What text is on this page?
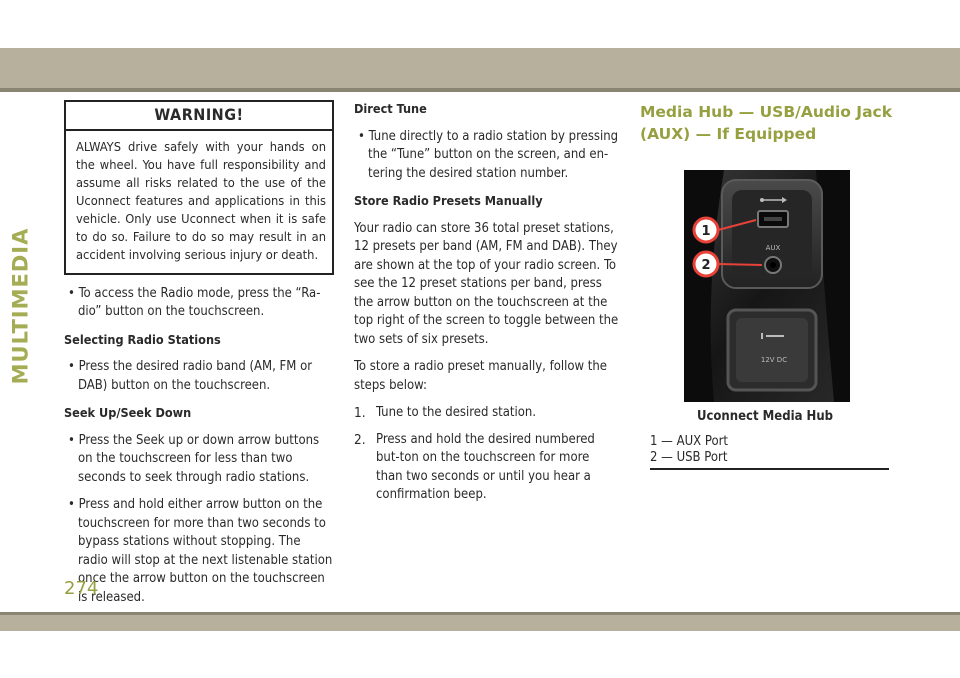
MULTIMEDIA
WARNING!
ALWAYS drive safely with your hands on the wheel. You have full responsibility and assume all risks related to the use of the Uconnect features and applications in this vehicle. Only use Uconnect when it is safe to do so. Failure to do so may result in an accident involving serious injury or death.

• To access the Radio mode, press the “Ra-dio” button on the touchscreen.

Selecting Radio Stations

• Press the desired radio band (AM, FM or DAB) button on the touchscreen.

Seek Up/Seek Down

• Press the Seek up or down arrow buttons on the touchscreen for less than two seconds to seek through radio stations.

• Press and hold either arrow button on the touchscreen for more than two seconds to bypass stations without stopping. The radio will stop at the next listenable station once the arrow button on the touchscreen is released.

Direct Tune

• Tune directly to a radio station by pressing the “Tune” button on the screen, and en-tering the desired station number.

Store Radio Presets Manually

Your radio can store 36 total preset stations, 12 presets per band (AM, FM and DAB). They are shown at the top of your radio screen. To see the 12 preset stations per band, press the arrow button on the touchscreen at the top right of the screen to toggle between the two sets of six presets.

To store a radio preset manually, follow the steps below:

1. Tune to the desired station.
2. Press and hold the desired numbered but-ton on the touchscreen for more than two seconds or until you hear a confirmation beep.
Media Hub — USB/Audio Jack (AUX) — If Equipped
AUX
1
2
12V DC
Uconnect Media Hub
1 — AUX Port
2 — USB Port
274
